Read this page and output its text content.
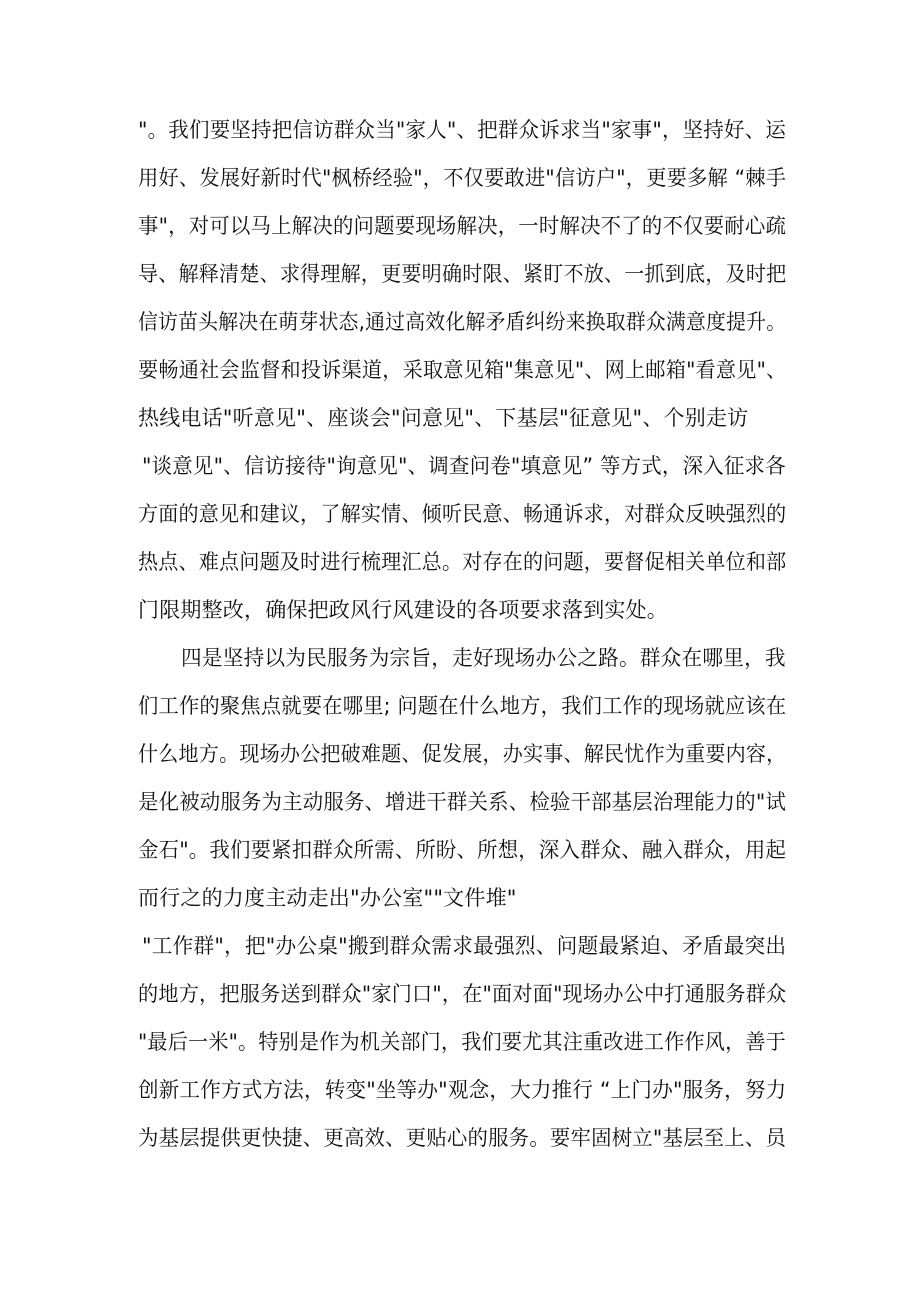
"。我们要坚持把信访群众当"家人"、把群众诉求当"家事"，坚持好、运
用好、发展好新时代"枫桥经验"，不仅要敢进"信访户"，更要多解 “棘手
事"，对可以马上解决的问题要现场解决，一时解决不了的不仅要耐心疏
导、解释清楚、求得理解，更要明确时限、紧盯不放、一抓到底，及时把
信访苗头解决在萌芽状态,通过高效化解矛盾纠纷来换取群众满意度提升。
要畅通社会监督和投诉渠道，采取意见箱"集意见"、网上邮箱"看意见"、
热线电话"听意见"、座谈会"问意见"、下基层"征意见"、个别走访
"谈意见"、信访接待"询意见"、调查问卷"填意见” 等方式，深入征求各
方面的意见和建议，了解实情、倾听民意、畅通诉求，对群众反映强烈的
热点、难点问题及时进行梳理汇总。对存在的问题，要督促相关单位和部
门限期整改，确保把政风行风建设的各项要求落到实处。
四是坚持以为民服务为宗旨，走好现场办公之路。群众在哪里，我
们工作的聚焦点就要在哪里; 问题在什么地方，我们工作的现场就应该在
什么地方。现场办公把破难题、促发展，办实事、解民忧作为重要内容，
是化被动服务为主动服务、增进干群关系、检验干部基层治理能力的"试
金石"。我们要紧扣群众所需、所盼、所想，深入群众、融入群众，用起
而行之的力度主动走出"办公室""文件堆"
"工作群"，把"办公桌"搬到群众需求最强烈、问题最紧迫、矛盾最突出
的地方，把服务送到群众"家门口"，在"面对面"现场办公中打通服务群众
"最后一米"。特别是作为机关部门，我们要尤其注重改进工作作风，善于
创新工作方式方法，转变"坐等办"观念，大力推行 “上门办"服务，努力
为基层提供更快捷、更高效、更贴心的服务。要牢固树立"基层至上、员
